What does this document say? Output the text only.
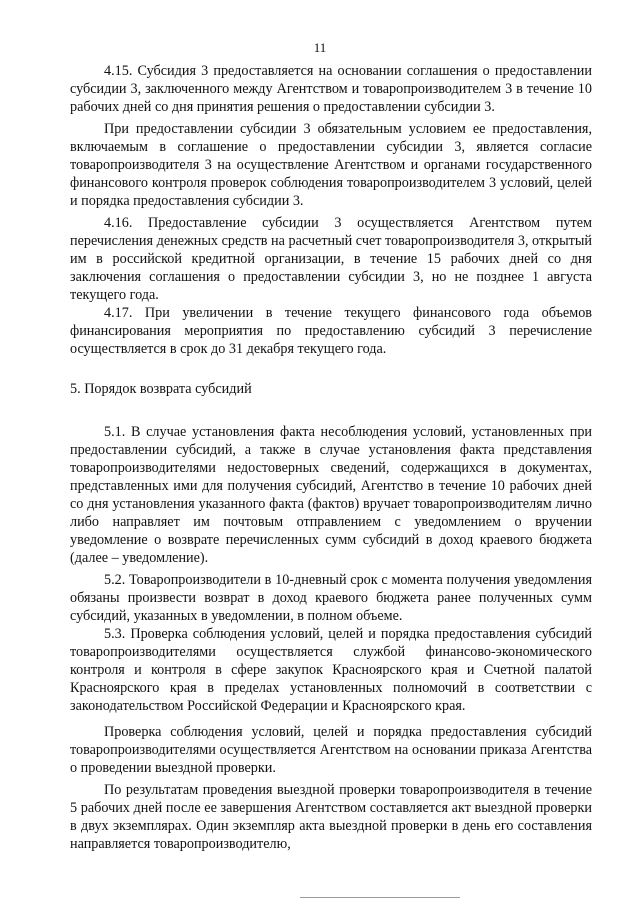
11

4.15. Субсидия 3 предоставляется на основании соглашения о предоставлении субсидии 3, заключенного между Агентством и товаропроизводителем 3 в течение 10 рабочих дней со дня принятия решения о предоставлении субсидии 3.

При предоставлении субсидии 3 обязательным условием ее предоставления, включаемым в соглашение о предоставлении субсидии 3, является согласие товаропроизводителя 3 на осуществление Агентством и органами государственного финансового контроля проверок соблюдения товаропроизводителем 3 условий, целей и порядка предоставления субсидии 3.

4.16. Предоставление субсидии 3 осуществляется Агентством путем перечисления денежных средств на расчетный счет товаропроизводителя 3, открытый им в российской кредитной организации, в течение 15 рабочих дней со дня заключения соглашения о предоставлении субсидии 3, но не позднее 1 августа текущего года.

4.17. При увеличении в течение текущего финансового года объемов финансирования мероприятия по предоставлению субсидий 3 перечисление осуществляется в срок до 31 декабря текущего года.

5. Порядок возврата субсидий

5.1. В случае установления факта несоблюдения условий, установленных при предоставлении субсидий, а также в случае установления факта представления товаропроизводителями недостоверных сведений, содержащихся в документах, представленных ими для получения субсидий, Агентство в течение 10 рабочих дней со дня установления указанного факта (фактов) вручает товаропроизводителям лично либо направляет им почтовым отправлением с уведомлением о вручении уведомление о возврате перечисленных сумм субсидий в доход краевого бюджета (далее – уведомление).

5.2. Товаропроизводители в 10-дневный срок с момента получения уведомления обязаны произвести возврат в доход краевого бюджета ранее полученных сумм субсидий, указанных в уведомлении, в полном объеме.

5.3. Проверка соблюдения условий, целей и порядка предоставления субсидий товаропроизводителями осуществляется службой финансово-экономического контроля и контроля в сфере закупок Красноярского края и Счетной палатой Красноярского края в пределах установленных полномочий в соответствии с законодательством Российской Федерации и Красноярского края.

Проверка соблюдения условий, целей и порядка предоставления субсидий товаропроизводителями осуществляется Агентством на основании приказа Агентства о проведении выездной проверки.

По результатам проведения выездной проверки товаропроизводителя в течение 5 рабочих дней после ее завершения Агентством составляется акт выездной проверки в двух экземплярах. Один экземпляр акта выездной проверки в день его составления направляется товаропроизводителю,
